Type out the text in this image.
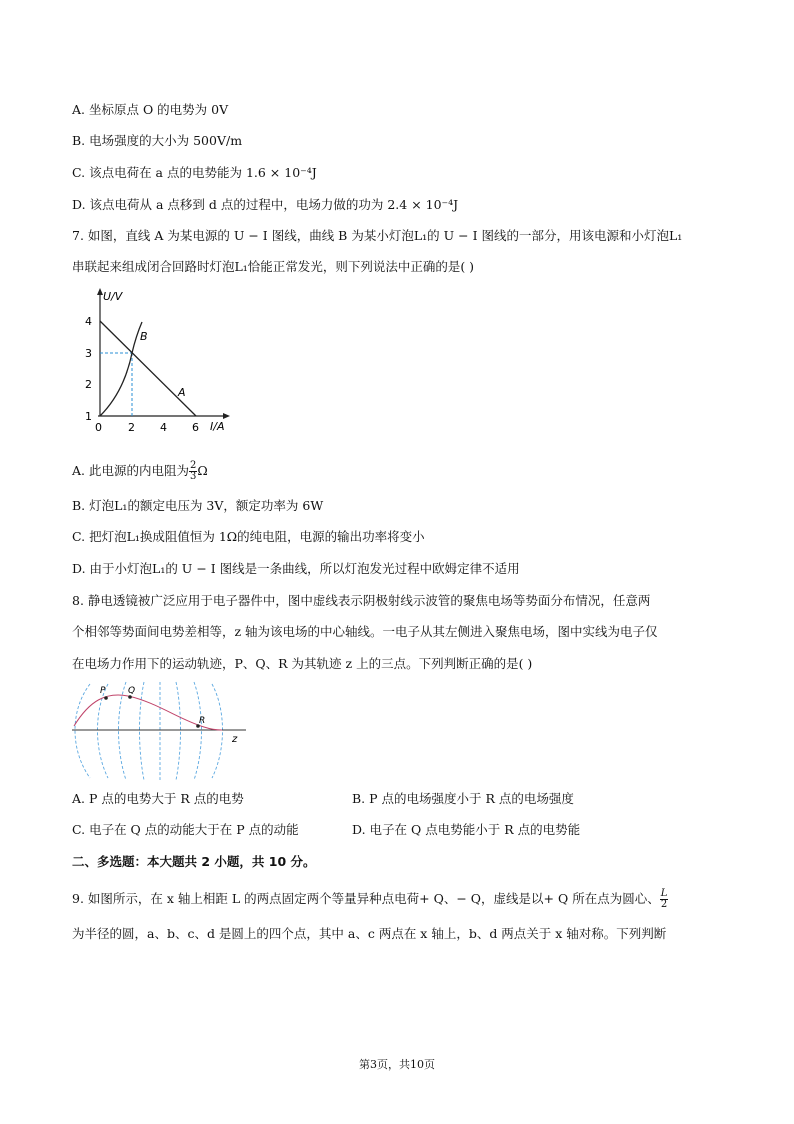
A. 坐标原点 O 的电势为 0V
B. 电场强度的大小为 500V/m
C. 该点电荷在 a 点的电势能为 1.6 × 10⁻⁴J
D. 该点电荷从 a 点移到 d 点的过程中，电场力做的功为 2.4 × 10⁻⁴J
7. 如图，直线 A 为某电源的 U − I 图线，曲线 B 为某小灯泡L₁的 U − I 图线的一部分，用该电源和小灯泡L₁
串联起来组成闭合回路时灯泡L₁恰能正常发光，则下列说法中正确的是( )
U/V
I/A
B
A
4
3
2
1
0 2 4 6
A. 此电源的内电阻为 $\frac{2}{3}$ Ω
B. 灯泡L₁的额定电压为 3V，额定功率为 6W
C. 把灯泡L₁换成阻值恒为 1Ω的纯电阻，电源的输出功率将变小
D. 由于小灯泡L₁的 U − I 图线是一条曲线，所以灯泡发光过程中欧姆定律不适用
8. 静电透镜被广泛应用于电子器件中，图中虚线表示阴极射线示波管的聚焦电场等势面分布情况，任意两
个相邻等势面间电势差相等，z 轴为该电场的中心轴线。一电子从其左侧进入聚焦电场，图中实线为电子仅
在电场力作用下的运动轨迹，P、Q、R 为其轨迹 z 上的三点。下列判断正确的是( )
z
P	Q
R
A. P 点的电势大于 R 点的电势	B. P 点的电场强度小于 R 点的电场强度
C. 电子在 Q 点的动能大于在 P 点的动能	D. 电子在 Q 点电势能小于 R 点的电势能
二、多选题：本大题共 2 小题，共 10 分。
9. 如图所示，在 x 轴上相距 L 的两点固定两个等量异种点电荷+ Q、− Q，虚线是以+ Q 所在点为圆心、 $\frac{L}{2}$
为半径的圆，a、b、c、d 是圆上的四个点，其中 a、c 两点在 x 轴上，b、d 两点关于 x 轴对称。下列判断
第3页，共10页
